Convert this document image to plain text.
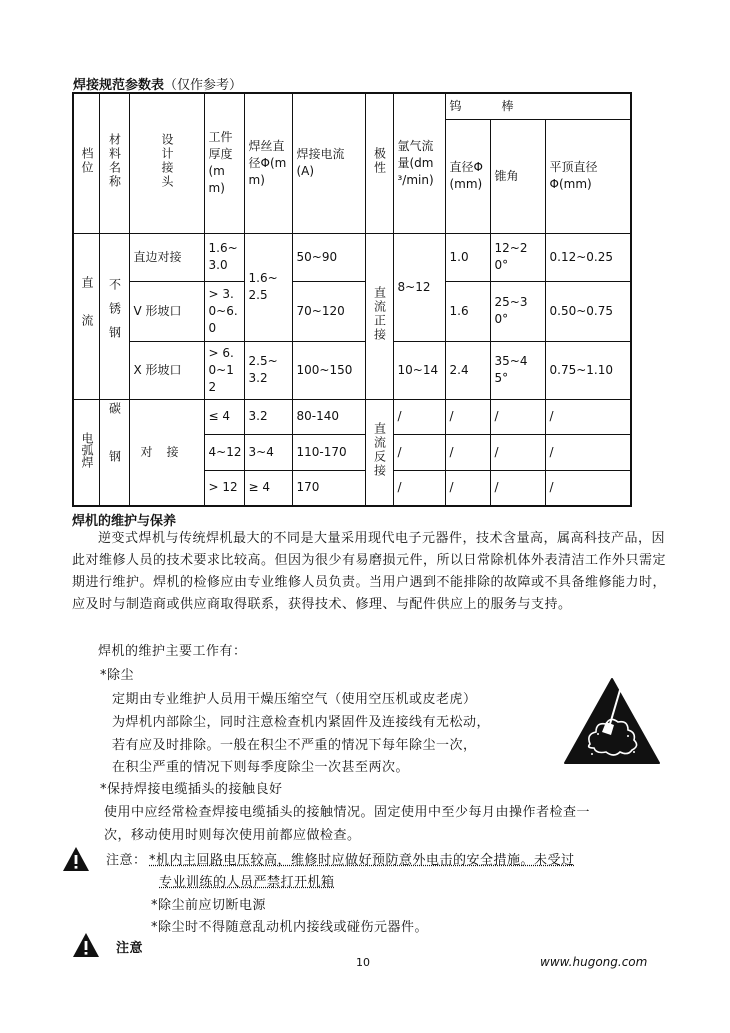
焊接规范参数表（仅作参考）
档位	材料名称	设计接头	工件厚度(mm)	焊丝直径Φ(mm)	焊接电流(A)	极性	氩气流量(dm³/min)	钨棒		
								直径Φ(mm)	锥角	平顶直径Φ(mm)
直流	不锈钢	直边对接	1.6~3.0	1.6~2.5	50~90	直流正接	8~12	1.0	12~20°	0.12~0.25
		V 形坡口	> 3.0~6.0		70~120			1.6	25~30°	0.50~0.75
		X 形坡口	> 6.0~12	2.5~3.2	100~150		10~14	2.4	35~45°	0.75~1.10
电弧焊	碳钢	对接	≤ 4	3.2	80-140	直流反接	/	/	/	/
			4~12	3~4	110-170		/	/	/	/
			> 12	≥ 4	170		/	/	/	/
焊机的维护与保养
逆变式焊机与传统焊机最大的不同是大量采用现代电子元器件，技术含量高，属高科技产品，因此对维修人员的技术要求比较高。但因为很少有易磨损元件，所以日常除机体外表清洁工作外只需定期进行维护。焊机的检修应由专业维修人员负责。当用户遇到不能排除的故障或不具备维修能力时，应及时与制造商或供应商取得联系，获得技术、修理、与配件供应上的服务与支持。
焊机的维护主要工作有：
*除尘
定期由专业维护人员用干燥压缩空气（使用空压机或皮老虎）
为焊机内部除尘，同时注意检查机内紧固件及连接线有无松动，
若有应及时排除。一般在积尘不严重的情况下每年除尘一次，
在积尘严重的情况下则每季度除尘一次甚至两次。
*保持焊接电缆插头的接触良好
使用中应经常检查焊接电缆插头的接触情况。固定使用中至少每月由操作者检查一
次，移动使用时则每次使用前都应做检查。
注意： *机内主回路电压较高，维修时应做好预防意外电击的安全措施。未受过
专业训练的人员严禁打开机箱
*除尘前应切断电源
*除尘时不得随意乱动机内接线或碰伤元器件。
注意
10	www.hugong.com
